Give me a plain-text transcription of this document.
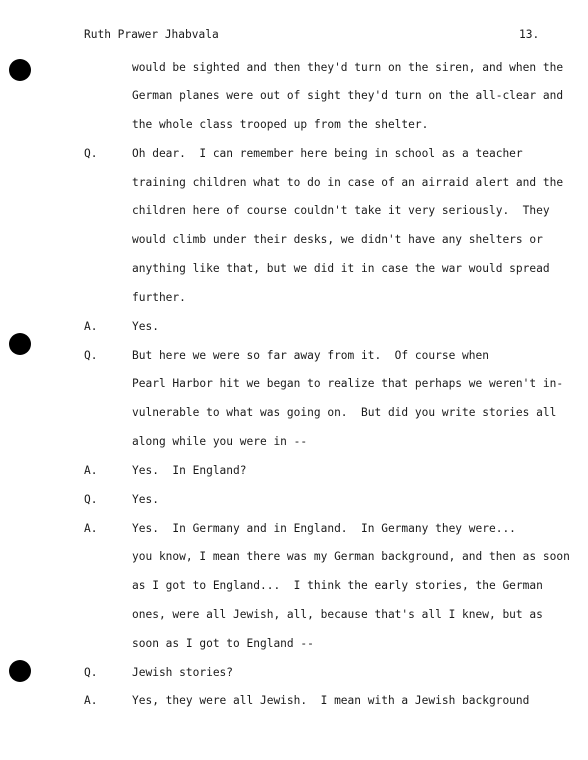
Ruth Prawer Jhabvala	13.
would be sighted and then they'd turn on the siren, and when the
German planes were out of sight they'd turn on the all-clear and
the whole class trooped up from the shelter.
Q.	Oh dear.  I can remember here being in school as a teacher
training children what to do in case of an airraid alert and the
children here of course couldn't take it very seriously.  They
would climb under their desks, we didn't have any shelters or
anything like that, but we did it in case the war would spread
further.
A.	Yes.
Q.	But here we were so far away from it.  Of course when
Pearl Harbor hit we began to realize that perhaps we weren't in-
vulnerable to what was going on.  But did you write stories all
along while you were in --
A.	Yes.  In England?
Q.	Yes.
A.	Yes.  In Germany and in England.  In Germany they were...
you know, I mean there was my German background, and then as soon
as I got to England...  I think the early stories, the German
ones, were all Jewish, all, because that's all I knew, but as
soon as I got to England --
Q.	Jewish stories?
A.	Yes, they were all Jewish.  I mean with a Jewish background
